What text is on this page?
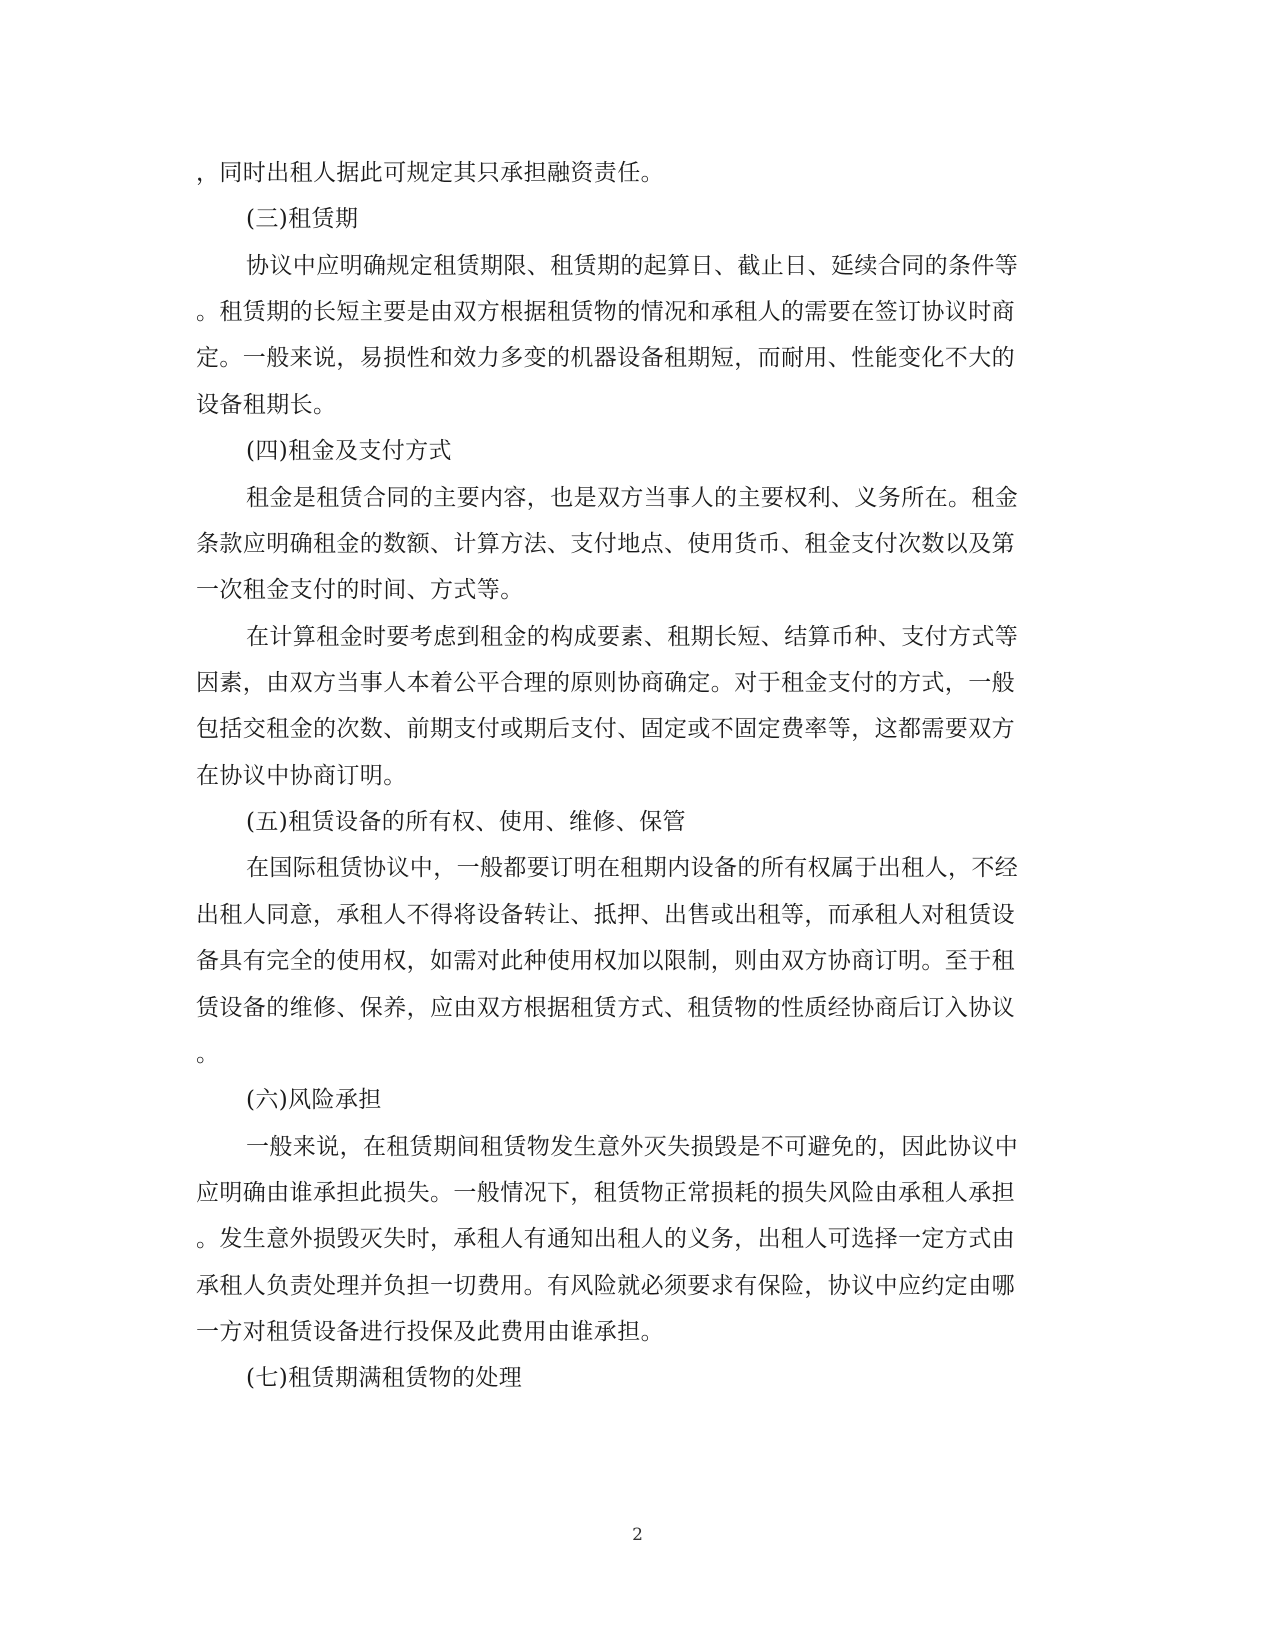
，同时出租人据此可规定其只承担融资责任。
(三)租赁期
协议中应明确规定租赁期限、租赁期的起算日、截止日、延续合同的条件等
。租赁期的长短主要是由双方根据租赁物的情况和承租人的需要在签订协议时商
定。一般来说，易损性和效力多变的机器设备租期短，而耐用、性能变化不大的
设备租期长。
(四)租金及支付方式
租金是租赁合同的主要内容，也是双方当事人的主要权利、义务所在。租金
条款应明确租金的数额、计算方法、支付地点、使用货币、租金支付次数以及第
一次租金支付的时间、方式等。
在计算租金时要考虑到租金的构成要素、租期长短、结算币种、支付方式等
因素，由双方当事人本着公平合理的原则协商确定。对于租金支付的方式，一般
包括交租金的次数、前期支付或期后支付、固定或不固定费率等，这都需要双方
在协议中协商订明。
(五)租赁设备的所有权、使用、维修、保管
在国际租赁协议中，一般都要订明在租期内设备的所有权属于出租人，不经
出租人同意，承租人不得将设备转让、抵押、出售或出租等，而承租人对租赁设
备具有完全的使用权，如需对此种使用权加以限制，则由双方协商订明。至于租
赁设备的维修、保养，应由双方根据租赁方式、租赁物的性质经协商后订入协议
。
(六)风险承担
一般来说，在租赁期间租赁物发生意外灭失损毁是不可避免的，因此协议中
应明确由谁承担此损失。一般情况下，租赁物正常损耗的损失风险由承租人承担
。发生意外损毁灭失时，承租人有通知出租人的义务，出租人可选择一定方式由
承租人负责处理并负担一切费用。有风险就必须要求有保险，协议中应约定由哪
一方对租赁设备进行投保及此费用由谁承担。
(七)租赁期满租赁物的处理
2
